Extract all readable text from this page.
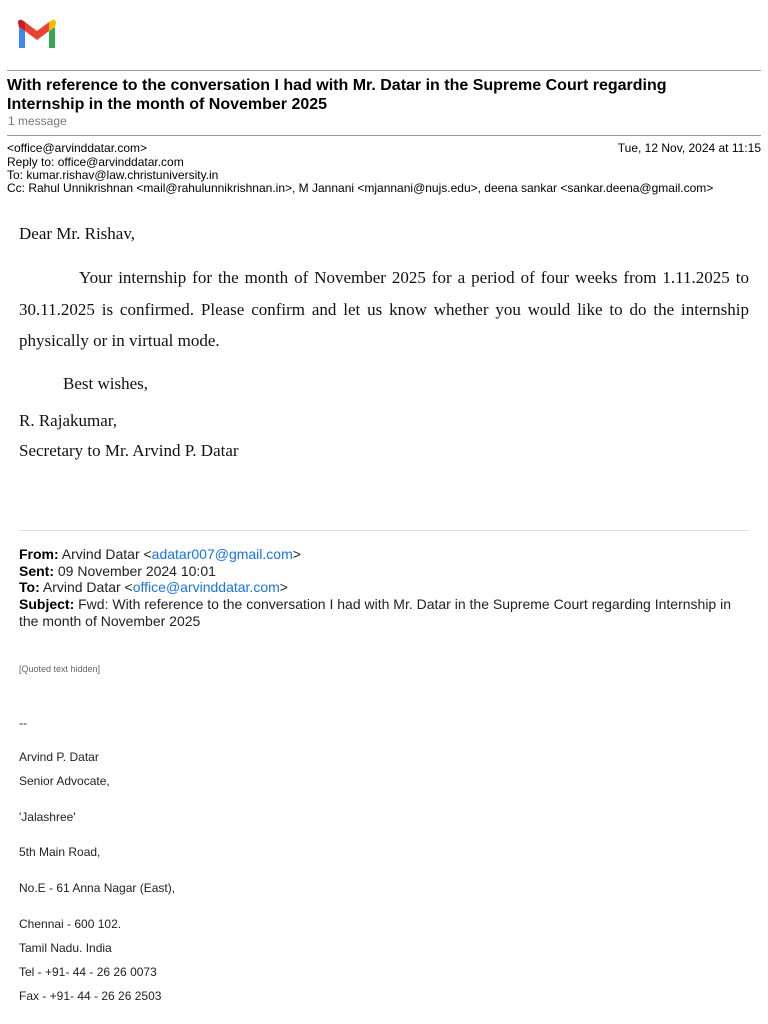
With reference to the conversation I had with Mr. Datar in the Supreme Court regarding Internship in the month of November 2025
1 message
<office@arvinddatar.com>	Tue, 12 Nov, 2024 at 11:15
Reply to: office@arvinddatar.com
To: kumar.rishav@law.christuniversity.in
Cc: Rahul Unnikrishnan <mail@rahulunnikrishnan.in>, M Jannani <mjannani@nujs.edu>, deena sankar <sankar.deena@gmail.com>
Dear Mr. Rishav,
Your internship for the month of November 2025 for a period of four weeks from 1.11.2025 to 30.11.2025 is confirmed. Please confirm and let us know whether you would like to do the internship physically or in virtual mode.
Best wishes,
R. Rajakumar,
Secretary to Mr. Arvind P. Datar
From: Arvind Datar <adatar007@gmail.com>
Sent: 09 November 2024 10:01
To: Arvind Datar <office@arvinddatar.com>
Subject: Fwd: With reference to the conversation I had with Mr. Datar in the Supreme Court regarding Internship in the month of November 2025
[Quoted text hidden]
--
Arvind P. Datar
Senior Advocate,
'Jalashree'
5th Main Road,
No.E - 61 Anna Nagar (East),
Chennai - 600 102.
Tamil Nadu. India
Tel - +91- 44 - 26 26 0073
Fax - +91- 44 - 26 26 2503
